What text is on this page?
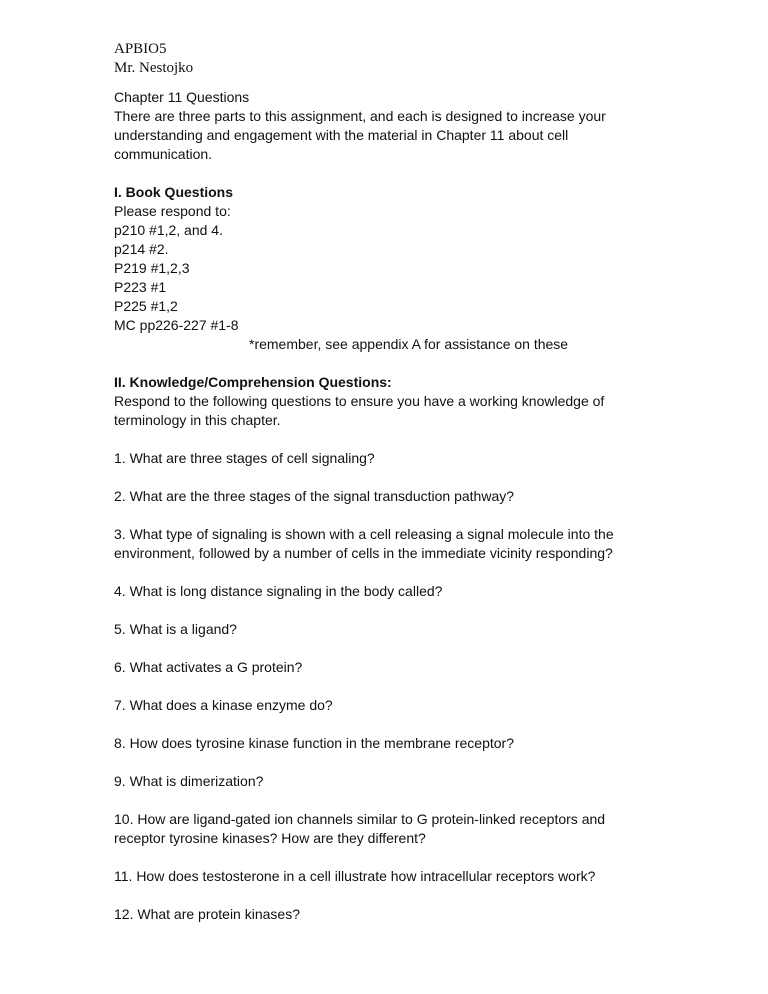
APBIO5
Mr. Nestojko
Chapter 11 Questions
There are three parts to this assignment, and each is designed to increase your
understanding and engagement with the material in Chapter 11 about cell
communication.
I. Book Questions
Please respond to:
p210 #1,2, and 4.
p214 #2.
P219 #1,2,3
P223 #1
P225 #1,2
MC pp226-227 #1-8
*remember, see appendix A for assistance on these
II. Knowledge/Comprehension Questions:
Respond to the following questions to ensure you have a working knowledge of
terminology in this chapter.
1. What are three stages of cell signaling?
2. What are the three stages of the signal transduction pathway?
3. What type of signaling is shown with a cell releasing a signal molecule into the
environment, followed by a number of cells in the immediate vicinity responding?
4. What is long distance signaling in the body called?
5. What is a ligand?
6. What activates a G protein?
7. What does a kinase enzyme do?
8. How does tyrosine kinase function in the membrane receptor?
9. What is dimerization?
10. How are ligand-gated ion channels similar to G protein-linked receptors and
receptor tyrosine kinases? How are they different?
11. How does testosterone in a cell illustrate how intracellular receptors work?
12. What are protein kinases?
